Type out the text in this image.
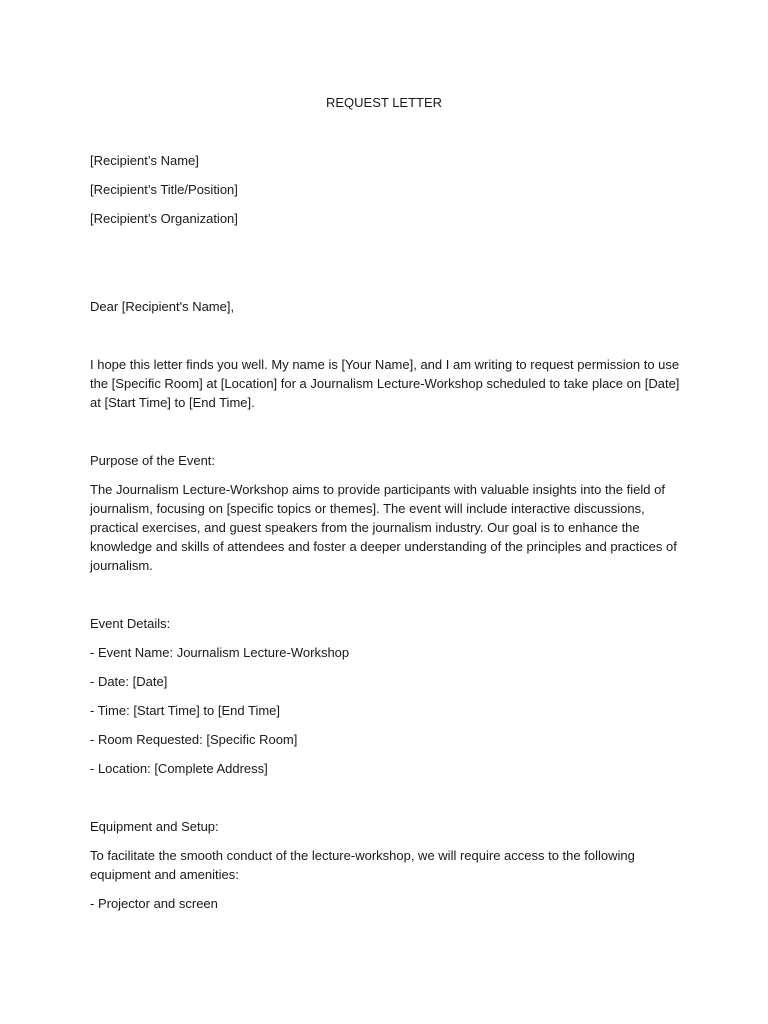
REQUEST LETTER

[Recipient’s Name]

[Recipient’s Title/Position]

[Recipient’s Organization]

Dear [Recipient's Name],

I hope this letter finds you well. My name is [Your Name], and I am writing to request permission to use the [Specific Room] at [Location] for a Journalism Lecture-Workshop scheduled to take place on [Date] at [Start Time] to [End Time].

Purpose of the Event:

The Journalism Lecture-Workshop aims to provide participants with valuable insights into the field of journalism, focusing on [specific topics or themes]. The event will include interactive discussions, practical exercises, and guest speakers from the journalism industry. Our goal is to enhance the knowledge and skills of attendees and foster a deeper understanding of the principles and practices of journalism.

Event Details:

- Event Name: Journalism Lecture-Workshop

- Date: [Date]

- Time: [Start Time] to [End Time]

- Room Requested: [Specific Room]

- Location: [Complete Address]

Equipment and Setup:

To facilitate the smooth conduct of the lecture-workshop, we will require access to the following equipment and amenities:

- Projector and screen
